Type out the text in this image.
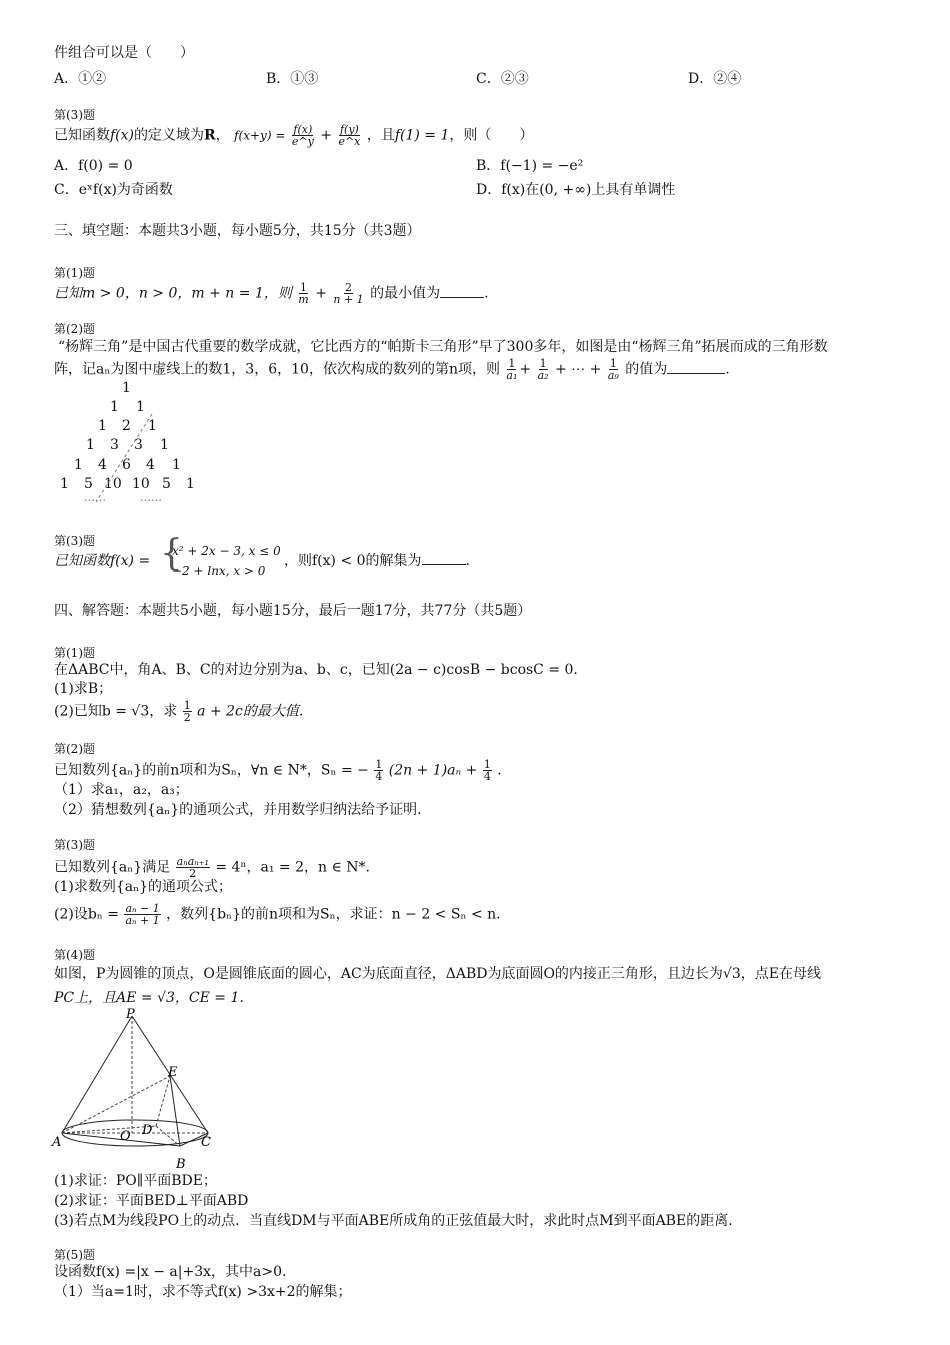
件组合可以是（　　）
A．①②	B．①③	C．②③	D．②④
第(3)题
已知函数f(x)的定义域为R， $f(x+y) = \frac{f(x)}{e\^{}y} + \frac{f(y)}{e\^{}x}$ ，且f(1) = 1，则（　　）
A．f(0) = 0	B．f(−1) = −e²
C．eˣf(x)为奇函数	D．f(x)在(0, +∞)上具有单调性
三、填空题：本题共3小题，每小题5分，共15分（共3题）
第(1)题
已知m > 0，n > 0，m + n = 1，则 $\frac{1}{m} + \frac{2}{n + 1}$ 的最小值为	.
第(2)题
“杨辉三角”是中国古代重要的数学成就，它比西方的“帕斯卡三角形”早了300多年，如图是由“杨辉三角”拓展而成的三角形数
阵，记aₙ为图中虚线上的数1，3，6，10，依次构成的数列的第n项，则 $\frac{1}{\text{a₁}} + \frac{1}{\text{a₂}}$ + ⋯ + $\frac{1}{\text{a₉}}$ 的值为	.
1
1 1
1 2 1
1 3 3 1
1 4 6 4 1
1 5 10 10 5 1
……	……
第(3)题
已知函数f(x) = {
x² + 2x − 3, x ≤ 0
−2 + lnx, x > 0
，则f(x) < 0的解集为	.
四、解答题：本题共5小题，每小题15分，最后一题17分，共77分（共5题）
第(1)题
在ΔABC中，角A、B、C的对边分别为a、b、c，已知(2a − c)cosB − bcosC = 0.
(1)求B；
(2)已知b = √3，求 $\frac{1}{2}$ a + 2c的最大值.
第(2)题
已知数列{aₙ}的前n项和为Sₙ，∀n ∈ N*，Sₙ = − $\frac{1}{4} (2n + 1)a_n + \frac{1}{4}$ .
（1）求a₁，a₂，a₃；
（2）猜想数列{aₙ}的通项公式，并用数学归纳法给予证明.
第(3)题
已知数列{aₙ}满足 $\frac{\text{aₙaₙ₊₁}}{2} = 4^n$，a₁ = 2，n ∈ N*.
(1)求数列{aₙ}的通项公式；
(2)设$b_n = \frac{\text{aₙ − 1}}{\text{aₙ + 1}}$ ，数列{bₙ}的前n项和为Sₙ，求证：n − 2 < Sₙ < n.
第(4)题
如图，P为圆锥的顶点，O是圆锥底面的圆心，AC为底面直径，ΔABD为底面圆O的内接正三角形，且边长为√3，点E在母线
PC上，且AE = √3，CE = 1.
P
E
A	O D
C
B
(1)求证：PO∥平面BDE；
(2)求证：平面BED⊥平面ABD
(3)若点M为线段PO上的动点．当直线DM与平面ABE所成角的正弦值最大时，求此时点M到平面ABE的距离.
第(5)题
设函数f(x) =|x − a|+3x，其中a>0.
（1）当a=1时，求不等式f(x) >3x+2的解集；
